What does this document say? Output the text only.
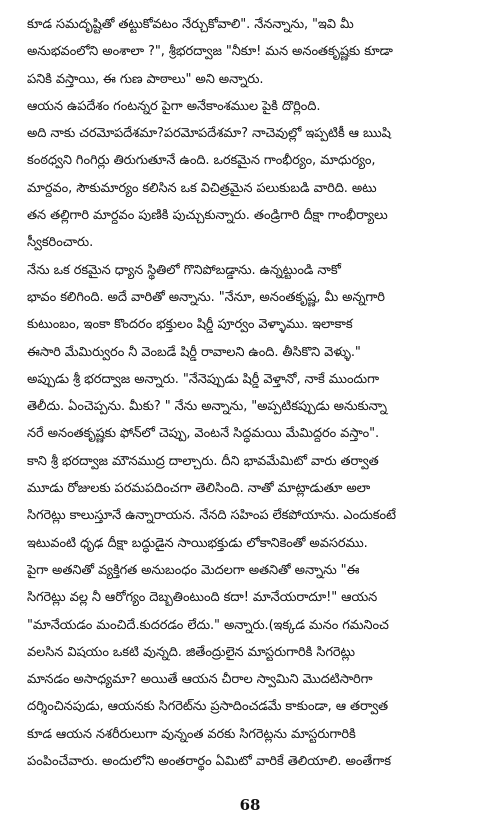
కూడ సమదృష్టితో తట్టుకోవటం నేర్చుకోవాలి". నేనన్నాను, "ఇవి మీ
అనుభవంలోని అంశాలా ?", శ్రీభరద్వాజ "నీకూ! మన అనంతకృష్ణకు కూడా
పనికి వస్తాయి, ఈ గుణ పాఠాలు" అని అన్నారు.
ఆయన ఉపదేశం గంటన్నర పైగా అనేకాంశముల పైకి దొర్లింది.
అది నాకు చరమోపదేశమా?పరమోపదేశమా? నాచెవుల్లో ఇప్పటికీ ఆ ఋషి
కంఠధ్వని గింగిర్లు తిరుగుతూనే ఉంది. ఒరకమైన గాంభీర్యం, మాధుర్యం,
మార్దవం, సౌకుమార్యం కలిసిన ఒక విచిత్రమైన పలుకుబడి వారిది. అటు
తన తల్లిగారి మార్దవం పుణికి పుచ్చుకున్నారు. తండ్రిగారి దీక్షా గాంభీర్యాలు
స్వీకరించారు.
నేను ఒక రకమైన ధ్యాన స్థితిలో గొనిపోబడ్డాను. ఉన్నట్టుండి నాకో
భావం కలిగింది. అదే వారితో అన్నాను. "నేనూ, అనంతకృష్ణ, మీ అన్నగారి
కుటుంబం, ఇంకా కొందరం భక్తులం షిర్డీ పూర్వం వెళ్ళాము. ఇలాకాక
ఈసారి మేమిర్వురం నీ వెంబడే షిర్డీ రావాలని ఉంది. తీసికొని వెళ్ళు."
అప్పుడు శ్రీ భరద్వాజ అన్నారు. "నేనెప్పుడు షిర్డీ వెళ్తానో, నాకే ముందుగా
తెలీదు. ఏంచెప్పను. మీకు? " నేను అన్నాను, "అప్పటికప్పుడు అనుకున్నా
నరే అనంతకృష్ణకు ఫోన్‌లో చెప్పు, వెంటనే సిద్ధమయి మేమిద్దరం వస్తాం".
కాని శ్రీ భరద్వాజ మౌనముద్ర దాల్చారు. దీని భావమేమిటో వారు తర్వాత
మూడు రోజులకు పరమపదించగా తెలిసింది. నాతో మాట్లాడుతూ అలా
సిగరెట్లు కాలుస్తూనే ఉన్నారాయన. నేనది సహింప లేకపోయాను. ఎందుకంటే
ఇటువంటి ధృఢ దీక్షా బద్ధుడైన సాయిభక్తుడు లోకానికెంతో అవసరము.
పైగా అతనితో వ్యక్తిగత అనుబంధం మెదలగా అతనితో అన్నాను "ఈ
సిగరెట్లు వల్ల నీ ఆరోగ్యం దెబ్బతింటుంది కదా! మానేయరాదూ!" ఆయన
"మానేయడం మంచిదే.కుదరడం లేదు." అన్నారు.(ఇక్కడ మనం గమనించ
వలసిన విషయం ఒకటి వున్నది. జితేంద్రులైన మాస్టరుగారికి సిగరెట్లు
మానడం అసాధ్యమా? అయితే ఆయన చీరాల స్వామిని మొదటిసారిగా
దర్శించినపుడు, ఆయనకు సిగరెట్‌ను ప్రసాదించడమే కాకుండా, ఆ తర్వాత
కూడ ఆయన నశరీరులుగా వున్నంత వరకు సిగరెట్లను మాస్టరుగారికి
పంపించేవారు. అందులోని అంతరార్థం ఏమిటో వారికే తెలియాలి. అంతేగాక
68
